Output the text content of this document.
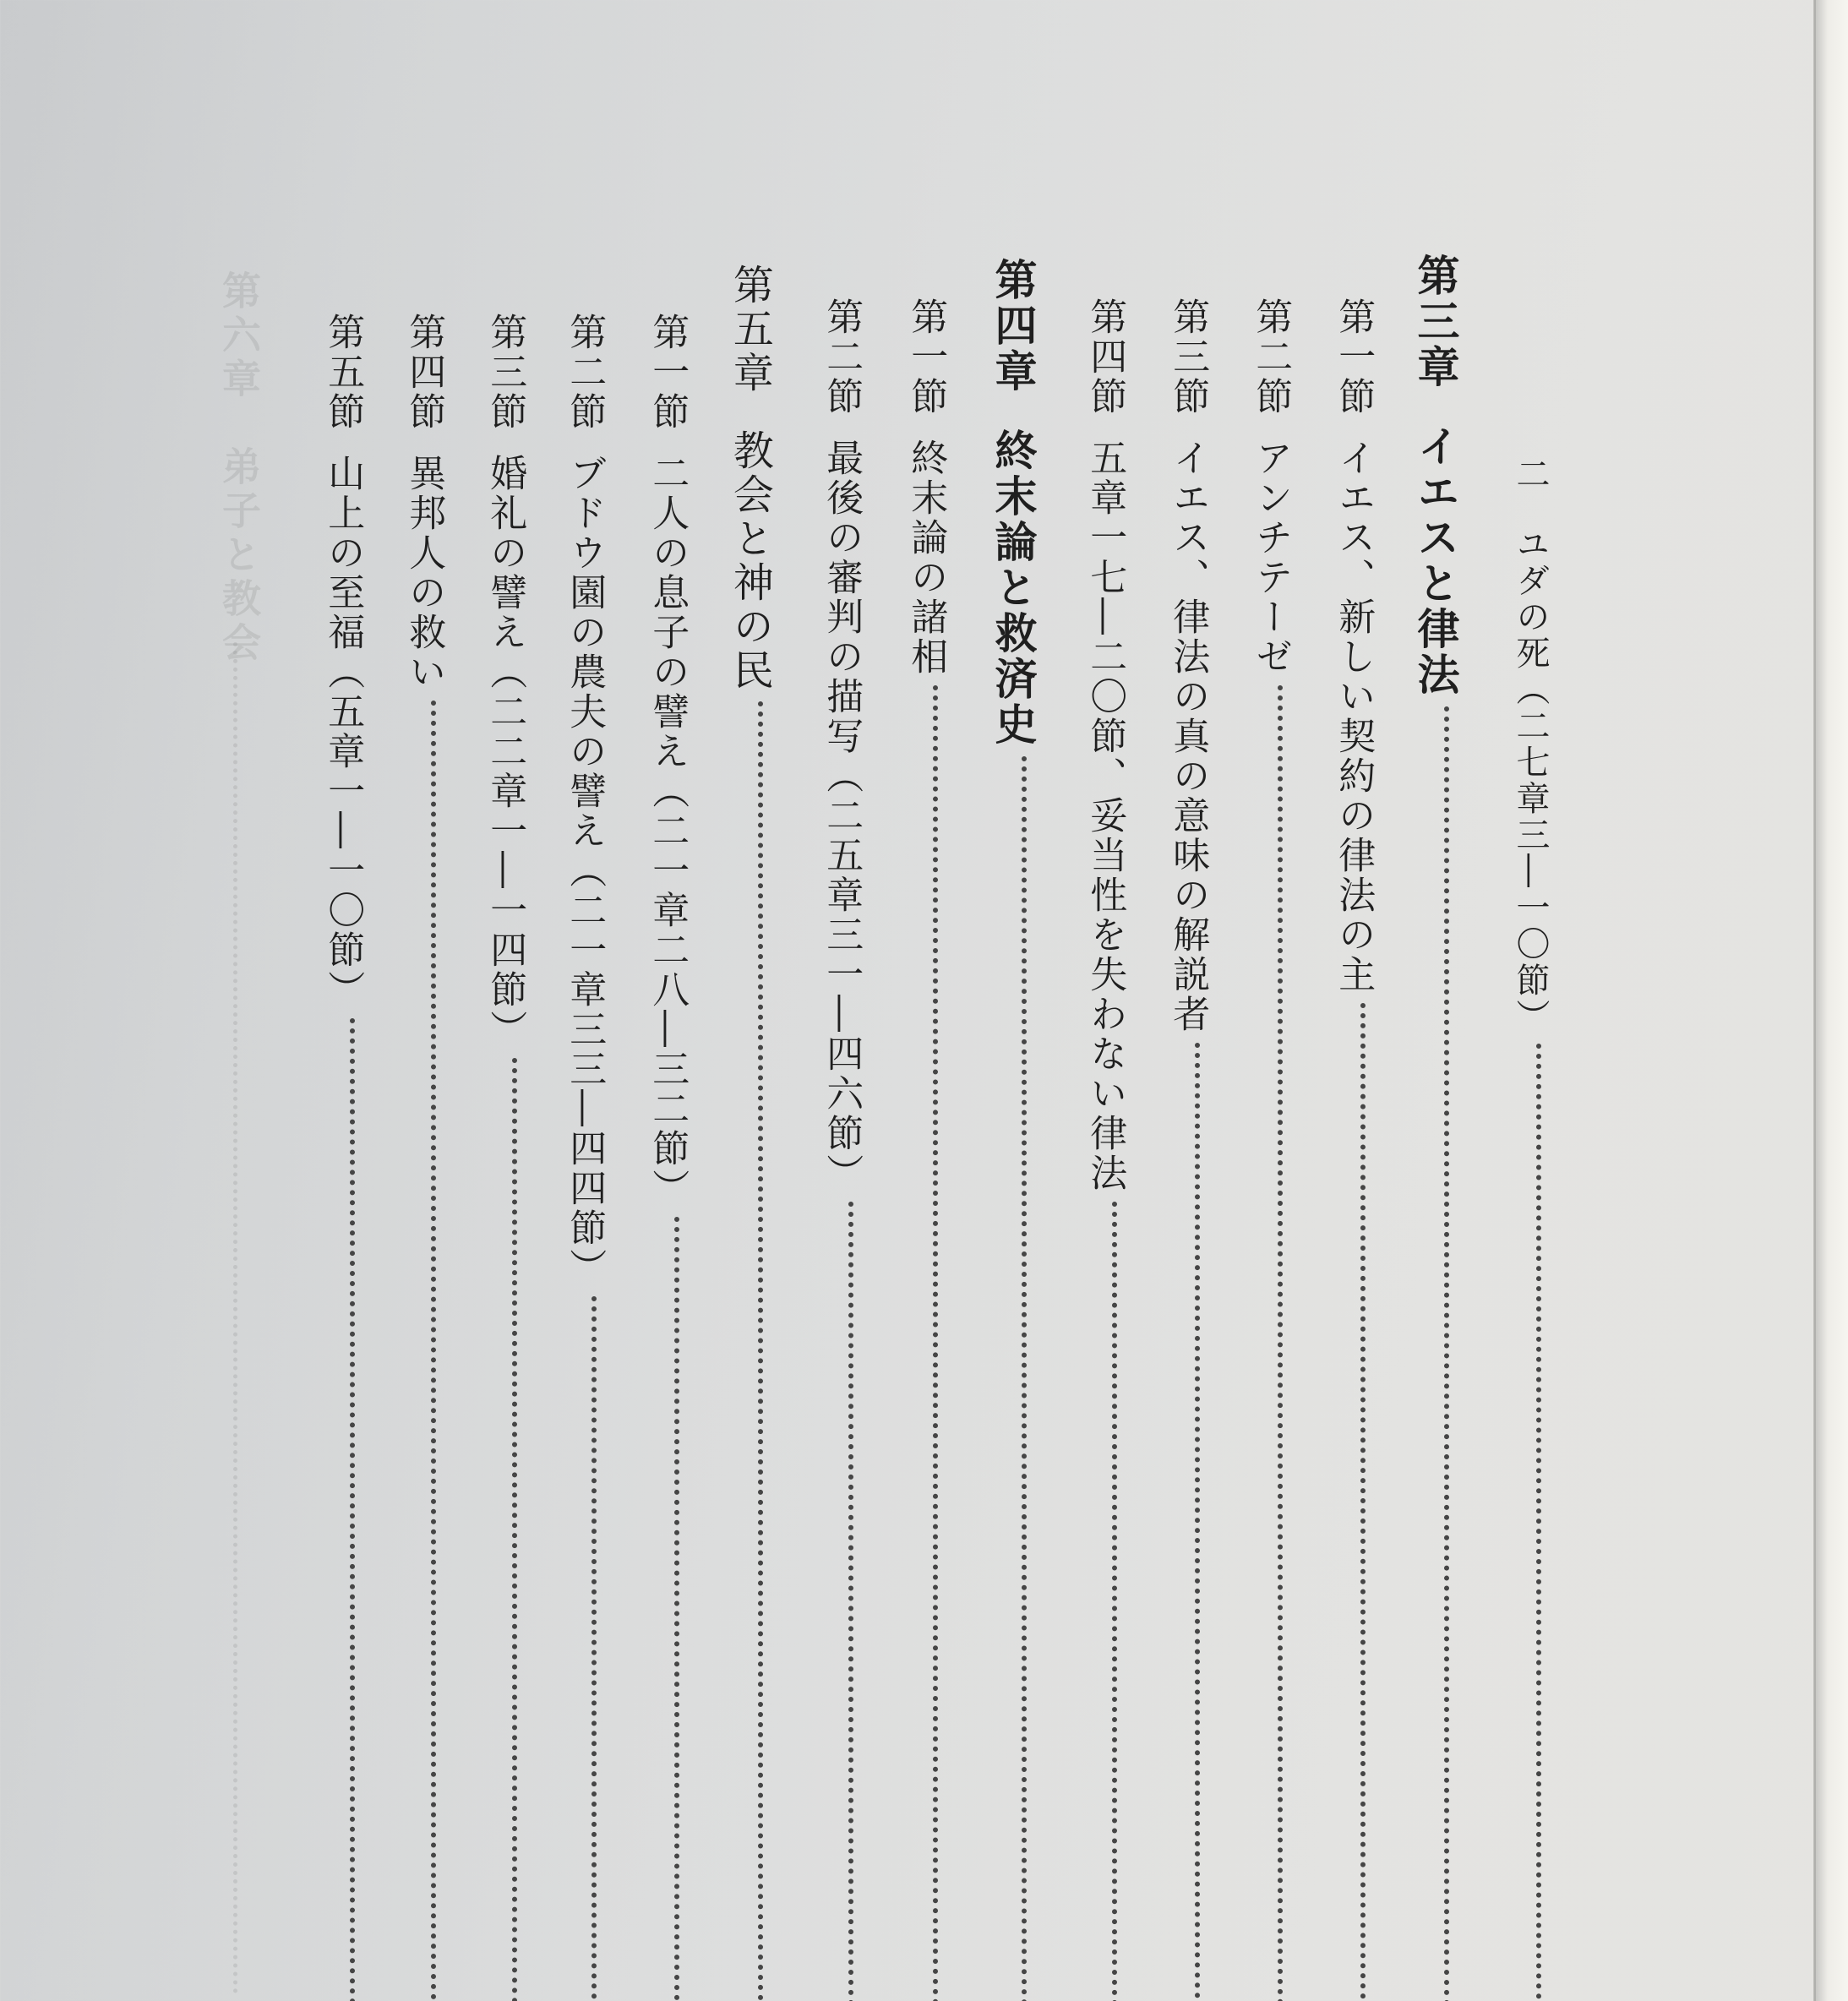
二ユダの死（二七章三―一〇節）
第三章イエスと律法
第一節イエス、新しい契約の律法の主
第二節アンチテーゼ
第三節イエス、律法の真の意味の解説者
第四節五章一七―二〇節、妥当性を失わない律法
第四章終末論と救済史
第一節終末論の諸相
第二節最後の審判の描写（二五章三一―四六節）
第五章教会と神の民
第一節二人の息子の譬え（二一章二八―三二節）
第二節ブドウ園の農夫の譬え（二一章三三―四四節）
第三節婚礼の譬え（二二章一―一四節）
第四節異邦人の救い
第五節山上の至福（五章一―一〇節）
第六章　弟子と教会
